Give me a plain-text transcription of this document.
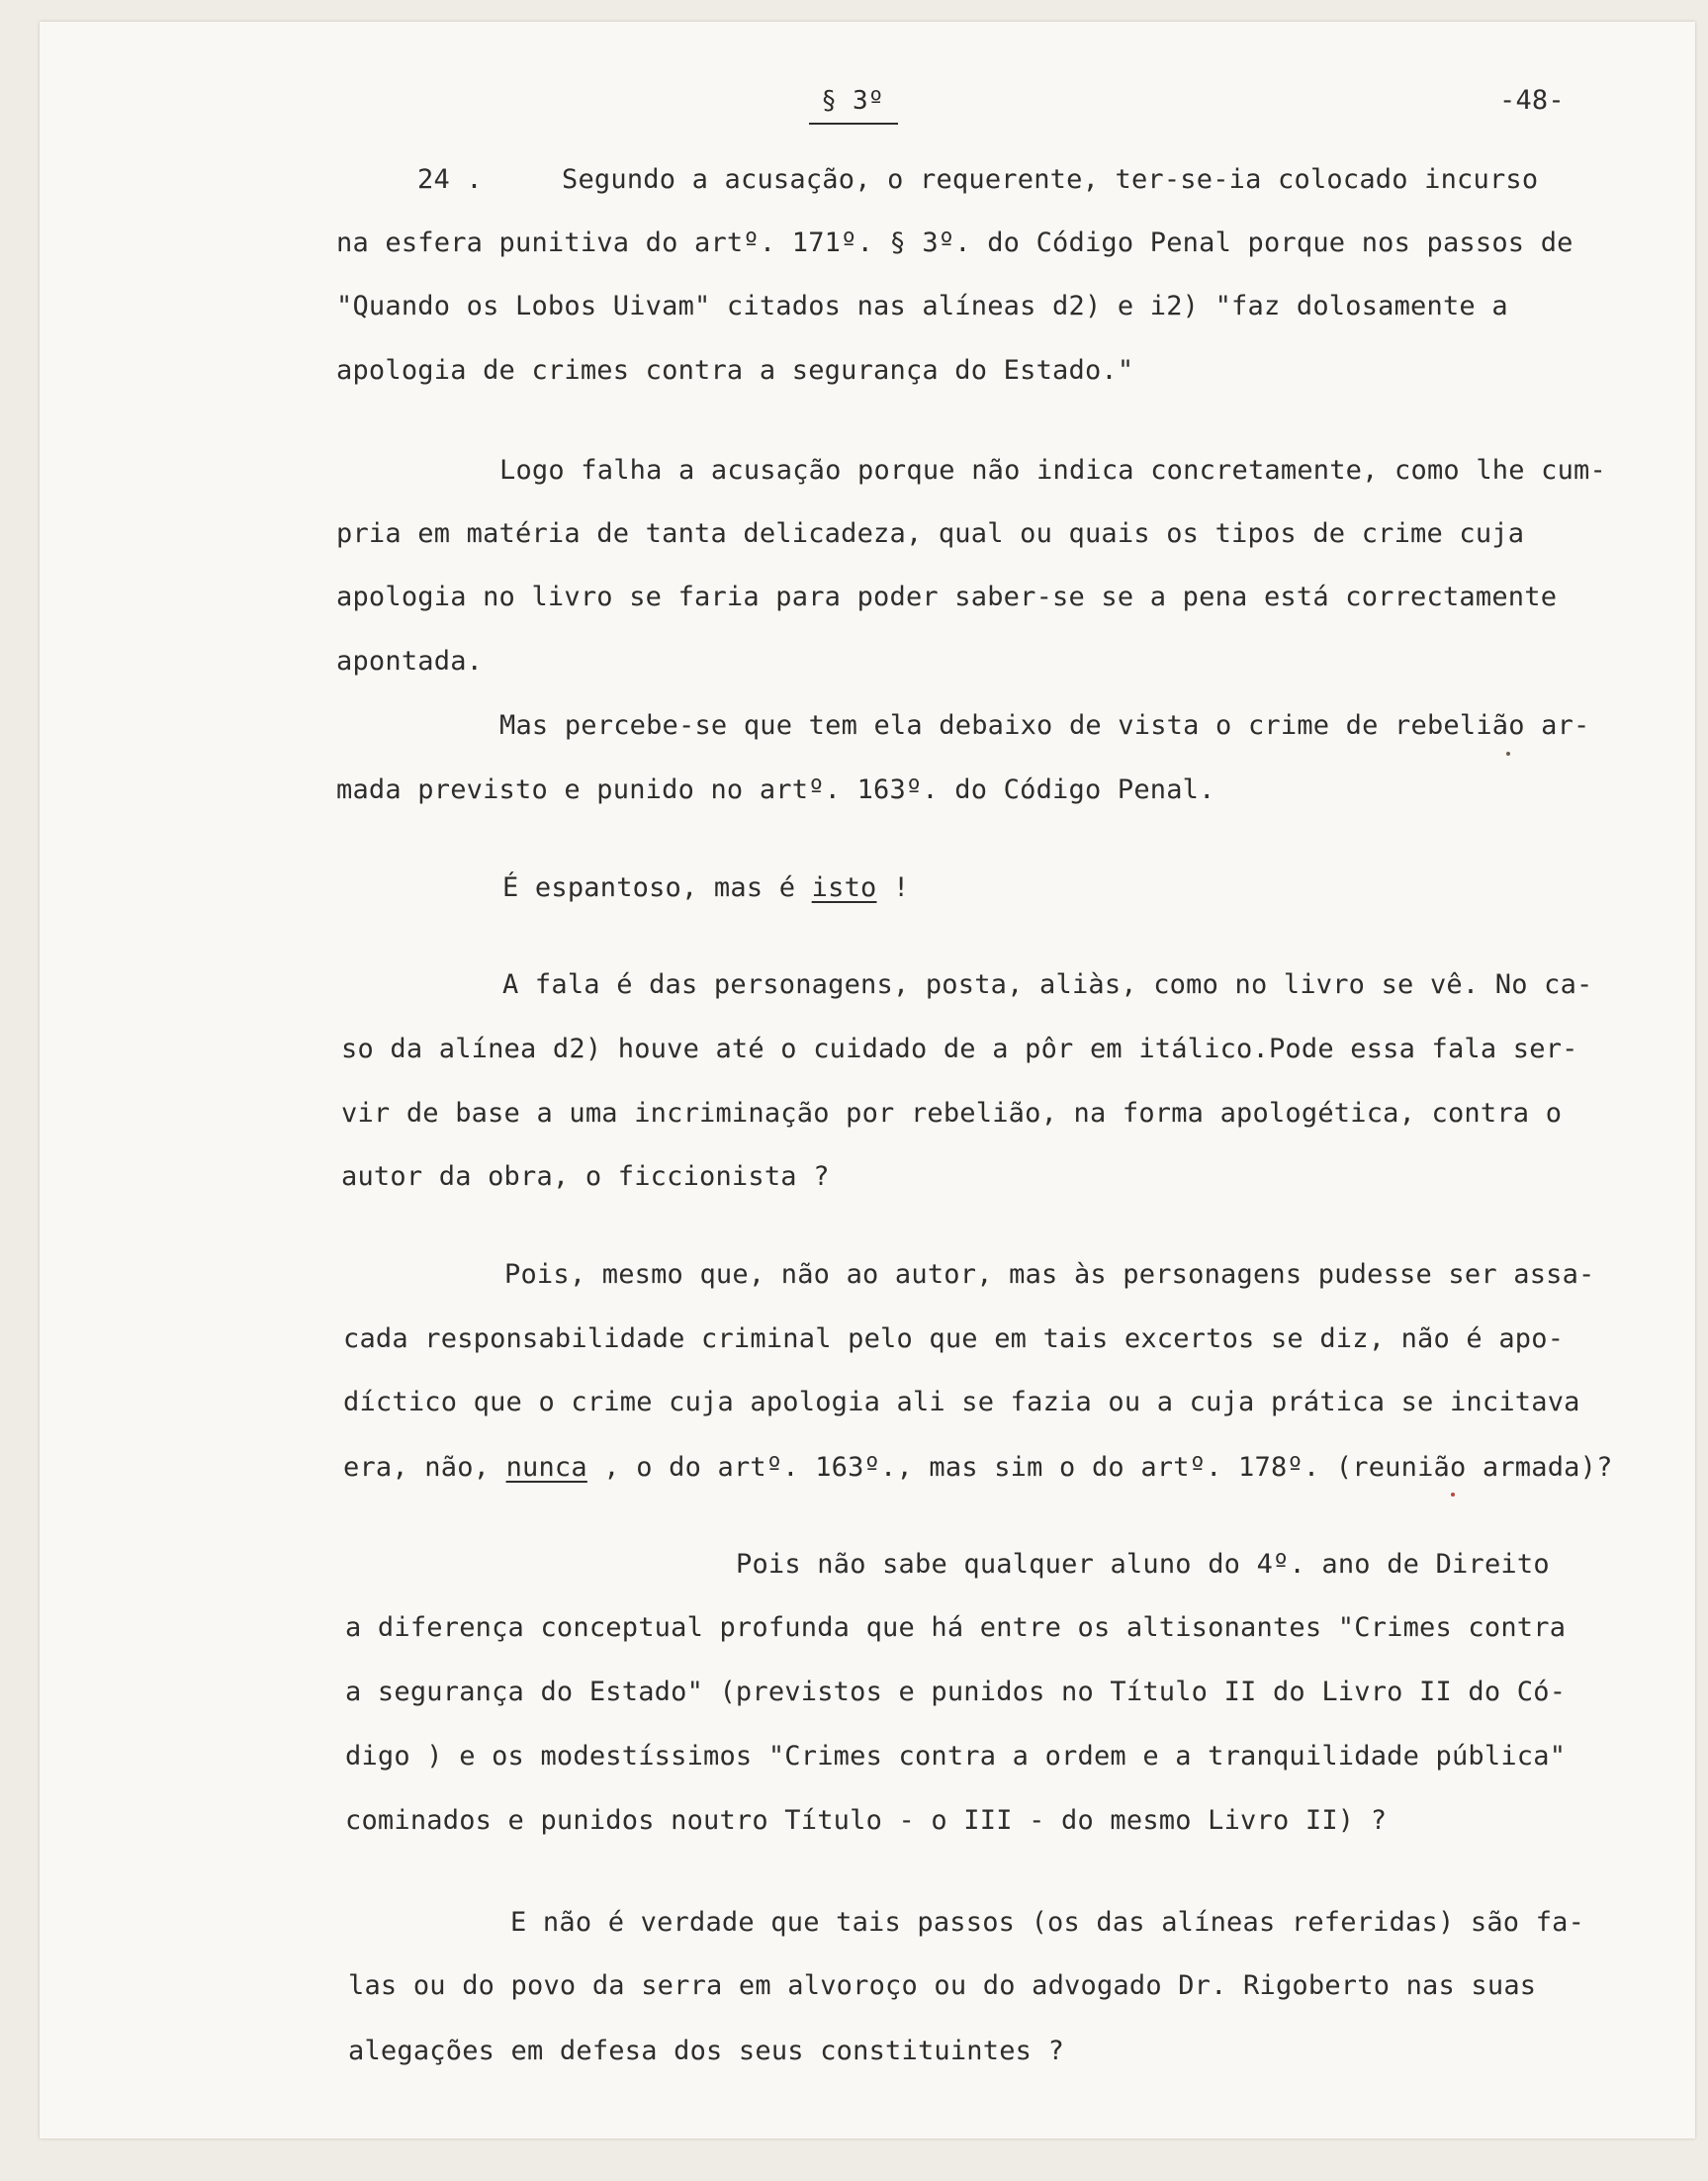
§ 3º	-48-
24 .	Segundo a acusação, o requerente, ter-se-ia colocado incurso
na esfera punitiva do artº. 171º. § 3º. do Código Penal porque nos passos de
"Quando os Lobos Uivam" citados nas alíneas d2) e i2) "faz dolosamente a
apologia de crimes contra a segurança do Estado."
Logo falha a acusação porque não indica concretamente, como lhe cum-
pria em matéria de tanta delicadeza, qual ou quais os tipos de crime cuja
apologia no livro se faria para poder saber-se se a pena está correctamente
apontada.
Mas percebe-se que tem ela debaixo de vista o crime de rebelião ar-
mada previsto e punido no artº. 163º. do Código Penal.
É espantoso, mas é isto !
A fala é das personagens, posta, aliàs, como no livro se vê. No ca-
so da alínea d2) houve até o cuidado de a pôr em itálico.Pode essa fala ser-
vir de base a uma incriminação por rebelião, na forma apologética, contra o
autor da obra, o ficcionista ?
Pois, mesmo que, não ao autor, mas às personagens pudesse ser assa-
cada responsabilidade criminal pelo que em tais excertos se diz, não é apo-
díctico que o crime cuja apologia ali se fazia ou a cuja prática se incitava
era, não, nunca , o do artº. 163º., mas sim o do artº. 178º. (reunião armada)?
Pois não sabe qualquer aluno do 4º. ano de Direito
a diferença conceptual profunda que há entre os altisonantes "Crimes contra
a segurança do Estado" (previstos e punidos no Título II do Livro II do Có-
digo ) e os modestíssimos "Crimes contra a ordem e a tranquilidade pública"
cominados e punidos noutro Título - o III - do mesmo Livro II) ?
E não é verdade que tais passos (os das alíneas referidas) são fa-
las ou do povo da serra em alvoroço ou do advogado Dr. Rigoberto nas suas
alegações em defesa dos seus constituintes ?
